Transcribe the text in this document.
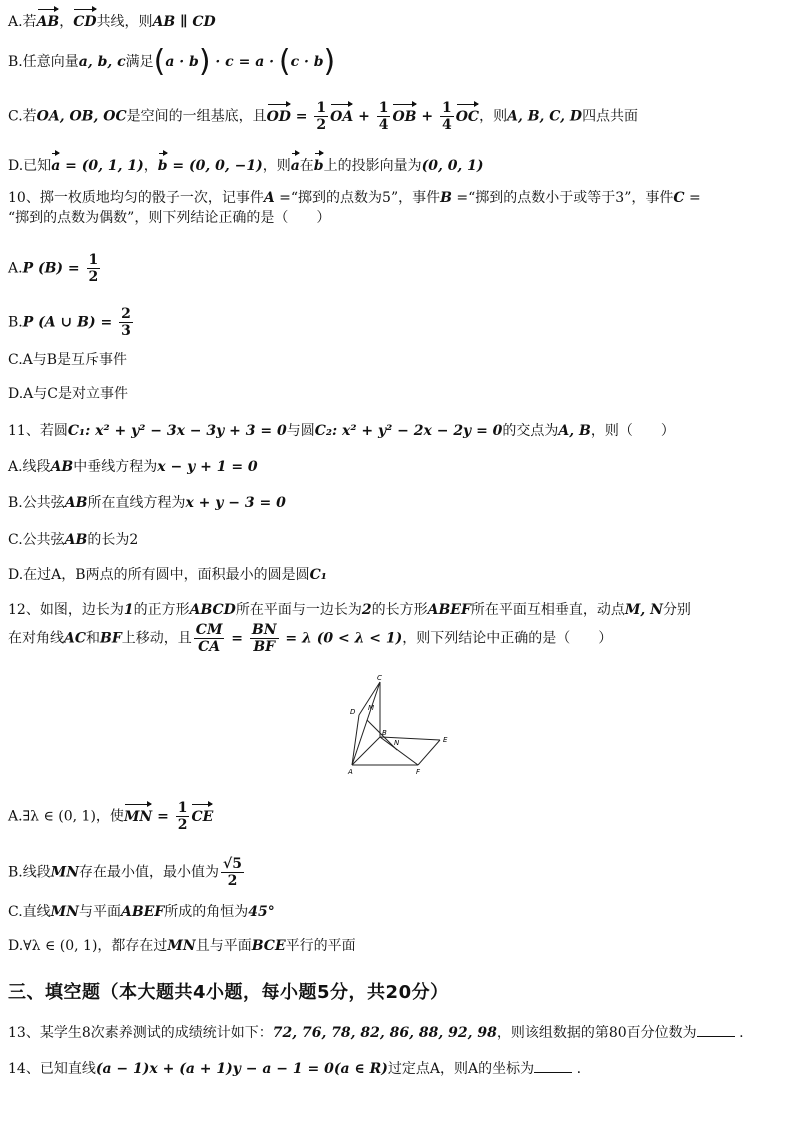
A.若AB，CD共线，则AB ∥ CD
B.任意向量a, b, c满足(a · b) · c = a · (c · b)
C.若OA, OB, OC是空间的一组基底，且OD = $\frac{1}{2}$ OA + $\frac{1}{4}$ OB + $\frac{1}{4}$ OC，则A, B, C, D四点共面
D.已知a = (0, 1, 1)，b = (0, 0, −1)，则a在b上的投影向量为(0, 0, 1)
10、掷一枚质地均匀的骰子一次，记事件A =“掷到的点数为5”，事件B =“掷到的点数小于或等于3”，事件C =
“掷到的点数为偶数”，则下列结论正确的是（　　）
A.P $(B) = \frac{1}{2}$
B.P (A ∪ $B) = \frac{2}{3}$
C.A与B是互斥事件
D.A与C是对立事件
11、若圆C₁: x² + y² − 3x − 3y + 3 = 0与圆C₂: x² + y² − 2x − 2y = 0的交点为A, B，则（　　）
A.线段AB中垂线方程为x − y + 1 = 0
B.公共弦AB所在直线方程为x + y − 3 = 0
C.公共弦AB的长为2
D.在过A，B两点的所有圆中，面积最小的圆是圆C₁
12、如图，边长为1的正方形ABCD所在平面与一边长为2的长方形ABEF所在平面互相垂直，动点M, N分别
在对角线AC和BF上移动，且 $\frac{CM}{CA} = \frac{BN}{BF} = \lambda$ (0 < λ < 1)，则下列结论中正确的是（　　）
C
D M
B
N	E
A	F
A.∃λ ∈ (0, 1)，使MN = $\frac{1}{2}$ CE
B.线段MN存在最小值，最小值为 $\frac{√5}{2}$
C.直线MN与平面ABEF所成的角恒为45°
D.∀λ ∈ (0, 1)，都存在过MN且与平面BCE平行的平面
三、填空题（本大题共4小题，每小题5分，共20分）
13、某学生8次素养测试的成绩统计如下：72, 76, 78, 82, 86, 88, 92, 98，则该组数据的第80百分位数为	.
14、已知直线(a − 1)x + (a + 1)y − a − 1 = 0(a ∈ R)过定点A，则A的坐标为	.
